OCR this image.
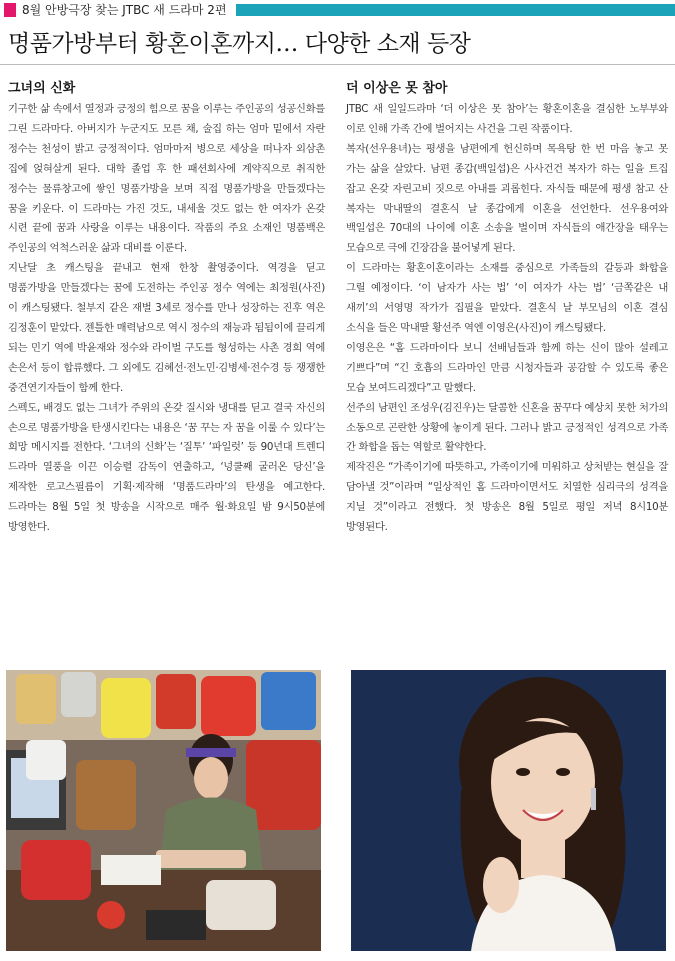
8월 안방극장 찾는 JTBC 새 드라마 2편
명품가방부터 황혼이혼까지… 다양한 소재 등장
그녀의 신화

기구한 삶 속에서 열정과 긍정의 힘으로 꿈을 이루는 주인공의 성공신화를 그린 드라마다. 아버지가 누군지도 모른 채, 술집 하는 엄마 밑에서 자란 정수는 천성이 밝고 긍정적이다. 엄마마저 병으로 세상을 떠나자 외삼촌 집에 얹혀살게 된다. 대학 졸업 후 한 패션회사에 계약직으로 취직한 정수는 물류창고에 쌓인 명품가방을 보며 직접 명품가방을 만들겠다는 꿈을 키운다. 이 드라마는 가진 것도, 내세울 것도 없는 한 여자가 온갖 시련 끝에 꿈과 사랑을 이루는 내용이다. 작품의 주요 소재인 명품백은 주인공의 억척스러운 삶과 대비를 이룬다.

지난달 초 캐스팅을 끝내고 현재 한창 촬영중이다. 역경을 딛고 명품가방을 만들겠다는 꿈에 도전하는 주인공 정수 역에는 최정원(사진)이 캐스팅됐다. 철부지 같은 재벌 3세로 정수를 만나 성장하는 진후 역은 김정훈이 맡았다. 젠틀한 매력남으로 역시 정수의 재능과 됨됨이에 끌리게 되는 민기 역에 박윤재와 정수와 라이벌 구도를 형성하는 사촌 경희 역에 손은서 등이 합류했다. 그 외에도 김혜선·전노민·김병세·전수경 등 쟁쟁한 중견연기자들이 함께 한다.

스펙도, 배경도 없는 그녀가 주위의 온갖 질시와 냉대를 딛고 결국 자신의 손으로 명품가방을 탄생시킨다는 내용은 ‘꿈 꾸는 자 꿈을 이룰 수 있다’는 희망 메시지를 전한다. ‘그녀의 신화’는 ‘질투’ ‘파일럿’ 등 90년대 트렌디 드라마 열풍을 이끈 이승렬 감독이 연출하고, ‘넝쿨째 굴러온 당신’을 제작한 로고스필름이 기획·제작해 ‘명품드라마’의 탄생을 예고한다. 드라마는 8월 5일 첫 방송을 시작으로 매주 월·화요일 밤 9시50분에 방영한다.

더 이상은 못 참아

JTBC 새 일일드라마 ‘더 이상은 못 참아’는 황혼이혼을 결심한 노부부와 이로 인해 가족 간에 벌어지는 사건을 그린 작품이다.

복자(선우용녀)는 평생을 남편에게 헌신하며 목욕탕 한 번 마음 놓고 못 가는 삶을 살았다. 남편 종갑(백일섭)은 사사건건 복자가 하는 일을 트집 잡고 온갖 자린고비 짓으로 아내를 괴롭힌다. 자식들 때문에 평생 참고 산 복자는 막내딸의 결혼식 날 종갑에게 이혼을 선언한다. 선우용여와 백일섭은 70대의 나이에 이혼 소송을 벌이며 자식들의 애간장을 태우는 모습으로 극에 긴장감을 불어넣게 된다.

이 드라마는 황혼이혼이라는 소재를 중심으로 가족들의 갈등과 화합을 그릴 예정이다. ‘이 남자가 사는 법’ ‘이 여자가 사는 법’ ‘금쪽같은 내 새끼’의 서영명 작가가 집필을 맡았다. 결혼식 날 부모님의 이혼 결심 소식을 들은 막내딸 황선주 역엔 이영은(사진)이 캐스팅됐다.

이영은은 “홈 드라마이다 보니 선배님들과 함께 하는 신이 많아 설레고 기쁘다”며 “긴 호흡의 드라마인 만큼 시청자들과 공감할 수 있도록 좋은 모습 보여드리겠다”고 말했다.

선주의 남편인 조성우(김진우)는 달콤한 신혼을 꿈꾸다 예상치 못한 처가의 소동으로 곤란한 상황에 놓이게 된다. 그러나 밝고 긍정적인 성격으로 가족 간 화합을 돕는 역할로 활약한다.

제작진은 “가족이기에 따뜻하고, 가족이기에 미워하고 상처받는 현실을 잘 담아낼 것”이라며 “일상적인 홈 드라마이면서도 치열한 심리극의 성격을 지닐 것”이라고 전했다. 첫 방송은 8월 5일로 평일 저녁 8시10분 방영된다.
